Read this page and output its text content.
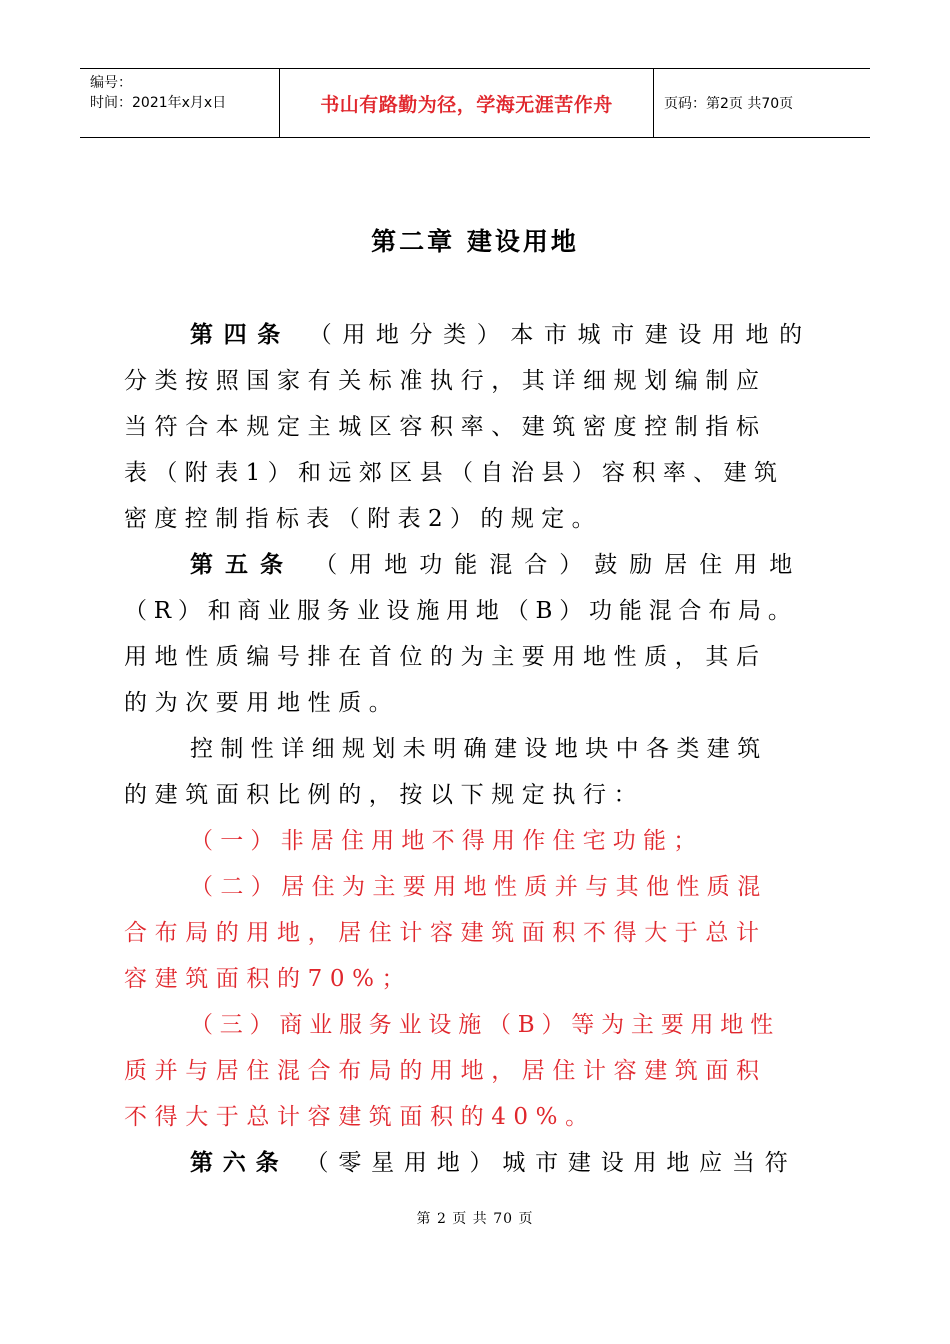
编号：
时间：2021年x月x日	书山有路勤为径，学海无涯苦作舟	页码：第2页 共70页
第二章 建设用地
第四条 （用地分类）本市城市建设用地的
分类按照国家有关标准执行，其详细规划编制应
当符合本规定主城区容积率、建筑密度控制指标
表（附表1）和远郊区县（自治县）容积率、建筑
密度控制指标表（附表2）的规定。
第五条 （用地功能混合）鼓励居住用地
（R）和商业服务业设施用地（B）功能混合布局。
用地性质编号排在首位的为主要用地性质，其后
的为次要用地性质。
控制性详细规划未明确建设地块中各类建筑
的建筑面积比例的，按以下规定执行：
（一）非居住用地不得用作住宅功能；
（二）居住为主要用地性质并与其他性质混
合布局的用地，居住计容建筑面积不得大于总计
容建筑面积的70%；
（三）商业服务业设施（B）等为主要用地性
质并与居住混合布局的用地，居住计容建筑面积
不得大于总计容建筑面积的40%。
第六条 （零星用地）城市建设用地应当符
第 2 页 共 70 页
